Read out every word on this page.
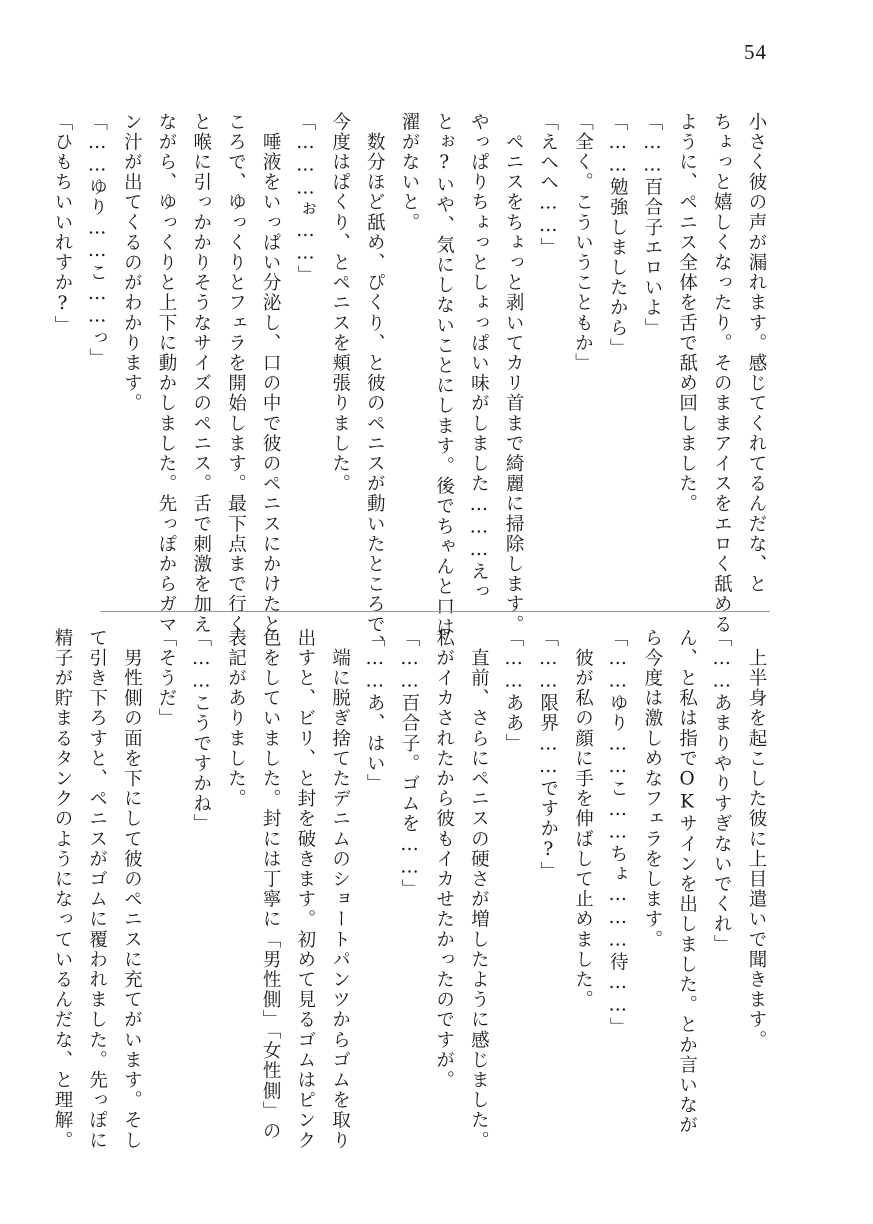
54

小さく彼の声が漏れます。感じてくれてるんだな、と

ちょっと嬉しくなったり。そのままアイスをエロく舐める

ように、ペニス全体を舌で舐め回しました。

「……百合子エロいよ」

「……勉強しましたから」

「全く。こういうこともか」

「えへへ……」

　ペニスをちょっと剥いてカリ首まで綺麗に掃除します。

やっぱりちょっとしょっぱい味がしました………えっ

とぉ?いや、気にしないことにします。後でちゃんと口は

濯がないと。

　数分ほど舐め、ぴくり、と彼のペニスが動いたところで、

今度はぱくり、とペニスを頬張りました。

「………ぉ……」

　唾液をいっぱい分泌し、口の中で彼のペニスにかけたと

ころで、ゆっくりとフェラを開始します。最下点まで行く

と喉に引っかかりそうなサイズのペニス。舌で刺激を加え

ながら、ゆっくりと上下に動かしました。先っぽからガマ

ン汁が出てくるのがわかります。

「……ゆり……こ……っ」

「ひもちいいれすか?」

　上半身を起こした彼に上目遣いで聞きます。

「……あまりやりすぎないでくれ」

ん、と私は指でOKサインを出しました。とか言いなが

ら今度は激しめなフェラをします。

「……ゆり……こ……ちょ………待……」

　彼が私の顔に手を伸ばして止めました。

「……限界……ですか?」

「……ああ」

　直前、さらにペニスの硬さが増したように感じました。

私がイカされたから彼もイカせたかったのですが。

「……百合子。ゴムを……」

「……あ、はい」

　端に脱ぎ捨てたデニムのショートパンツからゴムを取り

出すと、ビリ、と封を破きます。初めて見るゴムはピンク

色をしていました。封には丁寧に「男性側」「女性側」の

表記がありました。

「……こうですかね」

「そうだ」

　男性側の面を下にして彼のペニスに充てがいます。そし

て引き下ろすと、ペニスがゴムに覆われました。先っぽに

精子が貯まるタンクのようになっているんだな、と理解。
